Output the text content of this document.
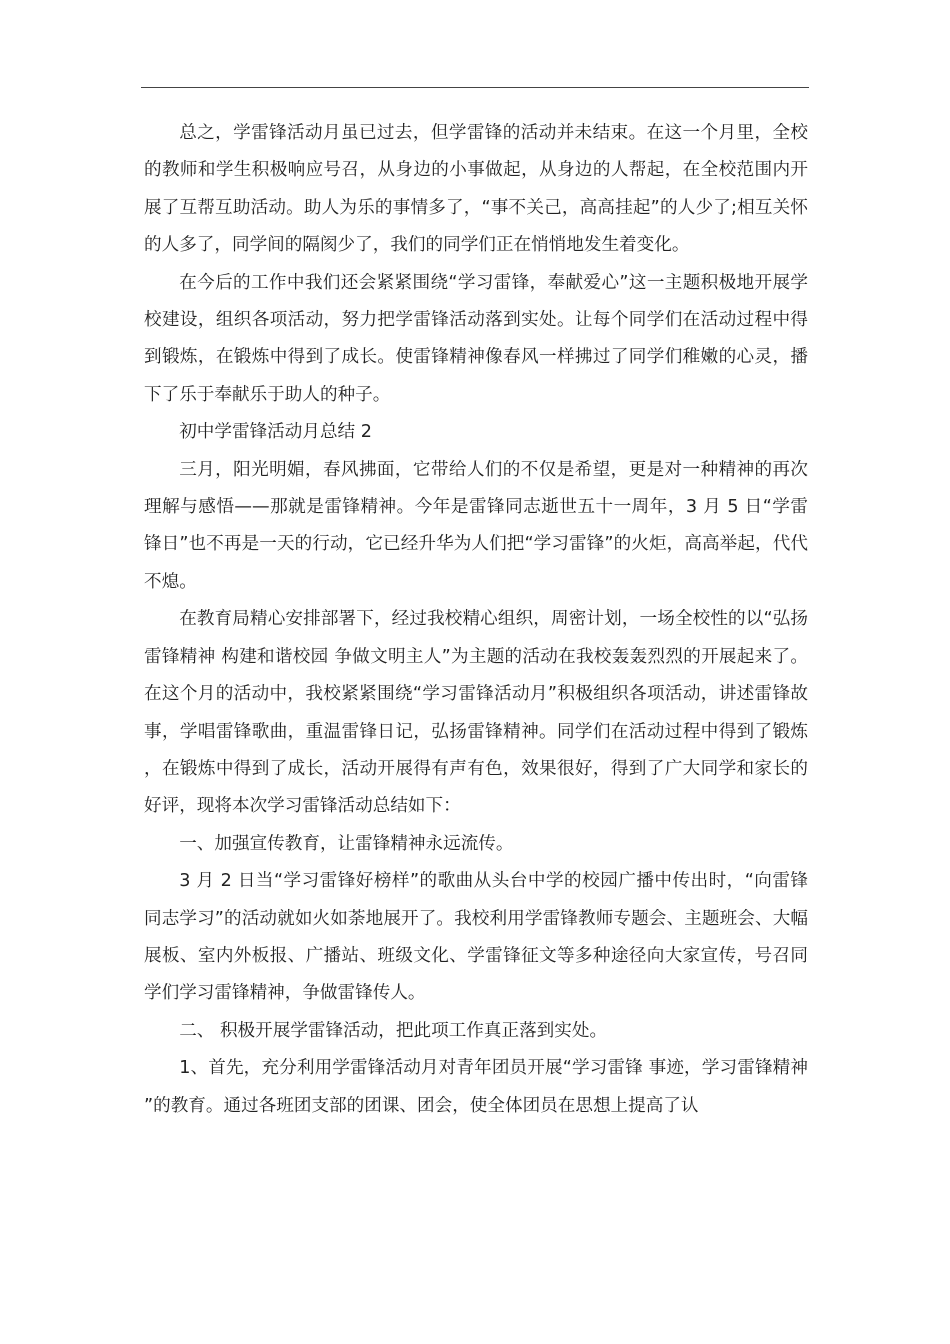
总之，学雷锋活动月虽已过去，但学雷锋的活动并未结束。在这一个月里，全校的教师和学生积极响应号召，从身边的小事做起，从身边的人帮起，在全校范围内开展了互帮互助活动。助人为乐的事情多了，“事不关己，高高挂起”的人少了;相互关怀的人多了，同学间的隔阂少了，我们的同学们正在悄悄地发生着变化。

在今后的工作中我们还会紧紧围绕“学习雷锋，奉献爱心”这一主题积极地开展学校建设，组织各项活动，努力把学雷锋活动落到实处。让每个同学们在活动过程中得到锻炼，在锻炼中得到了成长。使雷锋精神像春风一样拂过了同学们稚嫩的心灵，播下了乐于奉献乐于助人的种子。

初中学雷锋活动月总结 2

三月，阳光明媚，春风拂面，它带给人们的不仅是希望，更是对一种精神的再次理解与感悟——那就是雷锋精神。今年是雷锋同志逝世五十一周年，3 月 5 日“学雷锋日”也不再是一天的行动，它已经升华为人们把“学习雷锋”的火炬，高高举起，代代不熄。

在教育局精心安排部署下，经过我校精心组织，周密计划，一场全校性的以“弘扬雷锋精神 构建和谐校园 争做文明主人”为主题的活动在我校轰轰烈烈的开展起来了。在这个月的活动中，我校紧紧围绕“学习雷锋活动月”积极组织各项活动，讲述雷锋故事，学唱雷锋歌曲，重温雷锋日记，弘扬雷锋精神。同学们在活动过程中得到了锻炼，在锻炼中得到了成长，活动开展得有声有色，效果很好，得到了广大同学和家长的好评，现将本次学习雷锋活动总结如下：

一、加强宣传教育，让雷锋精神永远流传。

3 月 2 日当“学习雷锋好榜样”的歌曲从头台中学的校园广播中传出时，“向雷锋同志学习”的活动就如火如荼地展开了。我校利用学雷锋教师专题会、主题班会、大幅展板、室内外板报、广播站、班级文化、学雷锋征文等多种途径向大家宣传，号召同学们学习雷锋精神，争做雷锋传人。

二、 积极开展学雷锋活动，把此项工作真正落到实处。

1、首先，充分利用学雷锋活动月对青年团员开展“学习雷锋 事迹，学习雷锋精神”的教育。通过各班团支部的团课、团会，使全体团员在思想上提高了认
